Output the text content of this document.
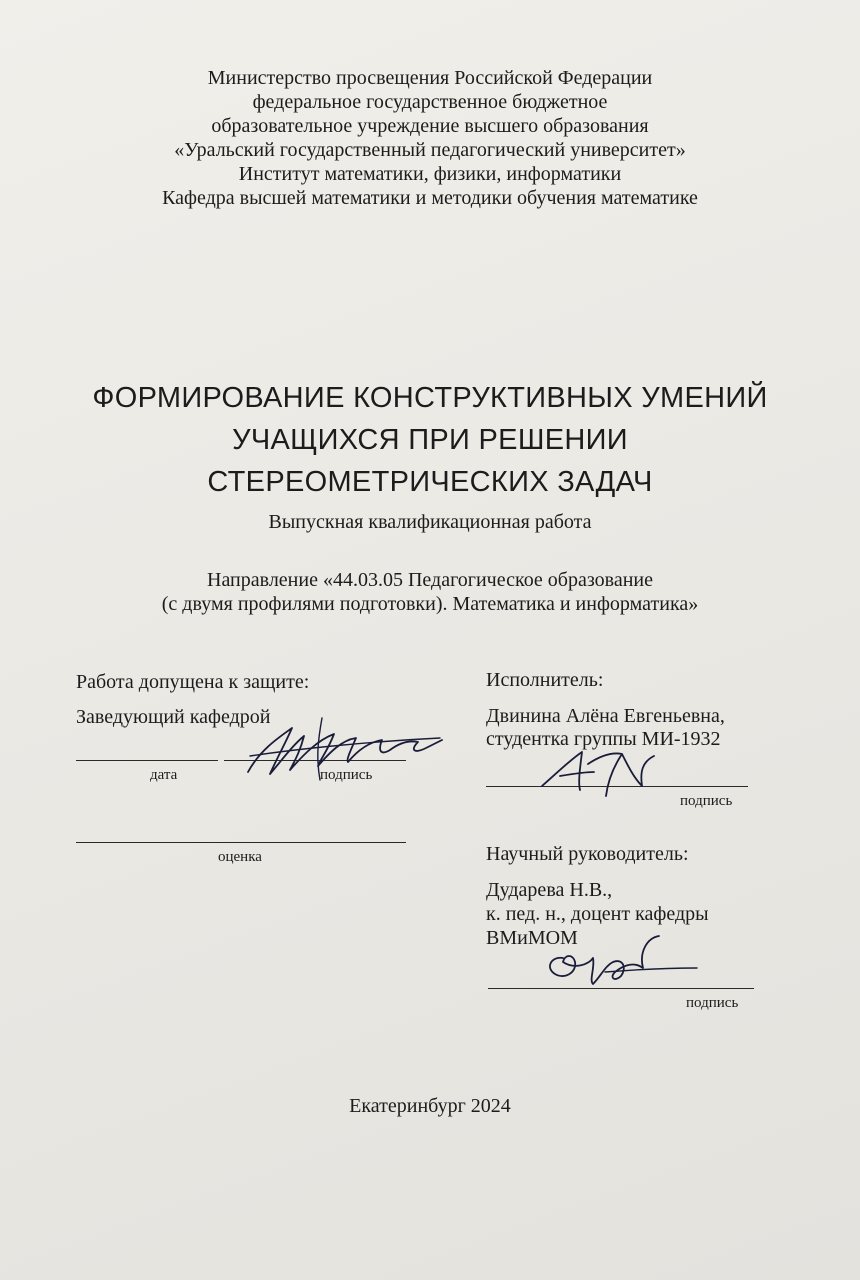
Министерство просвещения Российской Федерации
федеральное государственное бюджетное
образовательное учреждение высшего образования
«Уральский государственный педагогический университет»
Институт математики, физики, информатики
Кафедра высшей математики и методики обучения математике
ФОРМИРОВАНИЕ КОНСТРУКТИВНЫХ УМЕНИЙ
УЧАЩИХСЯ ПРИ РЕШЕНИИ
СТЕРЕОМЕТРИЧЕСКИХ ЗАДАЧ
Выпускная квалификационная работа
Направление «44.03.05 Педагогическое образование
(с двумя профилями подготовки). Математика и информатика»
Работа допущена к защите:
Заведующий кафедрой
дата	подпись
оценка
Исполнитель:
Двинина Алёна Евгеньевна,
студентка группы МИ-1932
подпись
Научный руководитель:
Дударева Н.В.,
к. пед. н., доцент кафедры
ВМиМОМ
подпись
Екатеринбург 2024
